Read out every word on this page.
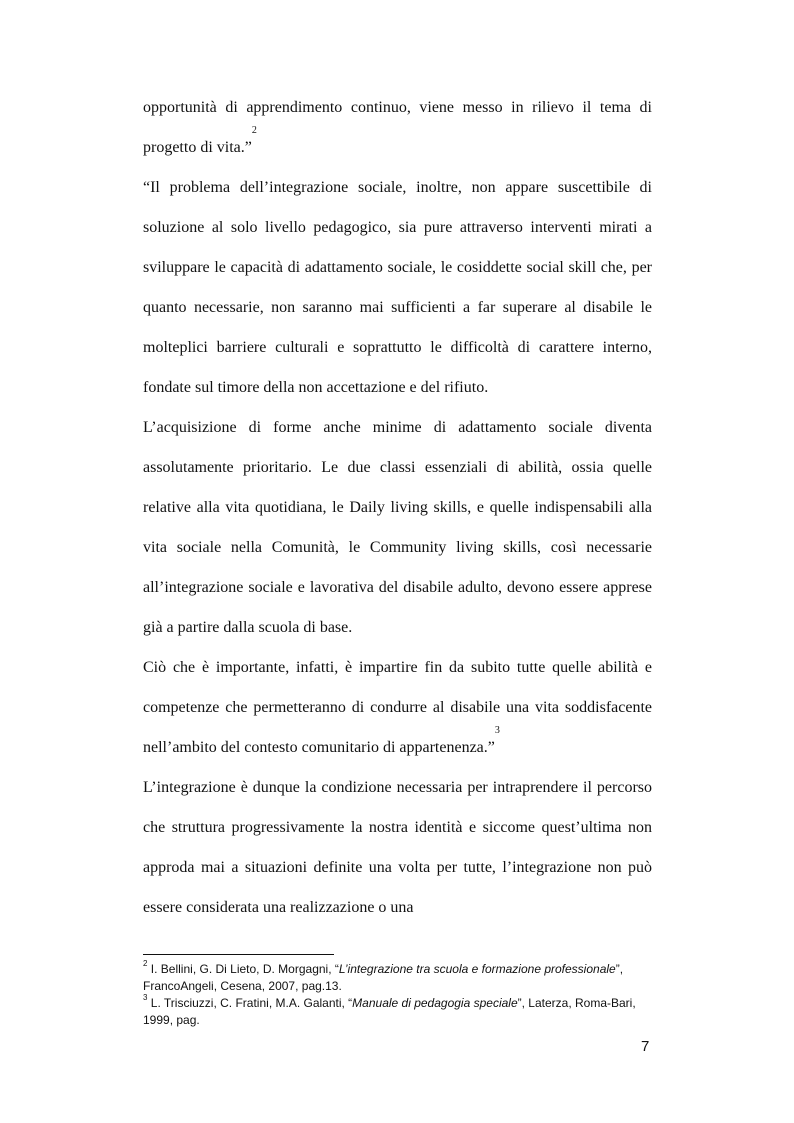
opportunità di apprendimento continuo, viene messo in rilievo il tema di progetto di vita.”$^2$

“Il problema dell’integrazione sociale, inoltre, non appare suscettibile di soluzione al solo livello pedagogico, sia pure attraverso interventi mirati a sviluppare le capacità di adattamento sociale, le cosiddette social skill che, per quanto necessarie, non saranno mai sufficienti a far superare al disabile le molteplici barriere culturali e soprattutto le difficoltà di carattere interno, fondate sul timore della non accettazione e del rifiuto.

L’acquisizione di forme anche minime di adattamento sociale diventa assolutamente prioritario. Le due classi essenziali di abilità, ossia quelle relative alla vita quotidiana, le Daily living skills, e quelle indispensabili alla vita sociale nella Comunità, le Community living skills, così necessarie all’integrazione sociale e lavorativa del disabile adulto, devono essere apprese già a partire dalla scuola di base.

Ciò che è importante, infatti, è impartire fin da subito tutte quelle abilità e competenze che permetteranno di condurre al disabile una vita soddisfacente nell’ambito del contesto comunitario di appartenenza.”$^3$

L’integrazione è dunque la condizione necessaria per intraprendere il percorso che struttura progressivamente la nostra identità e siccome quest’ultima non approda mai a situazioni definite una volta per tutte, l’integrazione non può essere considerata una realizzazione o una

$^2$ I. Bellini, G. Di Lieto, D. Morgagni, “L’integrazione tra scuola e formazione professionale”, FrancoAngeli, Cesena, 2007, pag.13.

$^3$ L. Trisciuzzi, C. Fratini, M.A. Galanti, “Manuale di pedagogia speciale”, Laterza, Roma-Bari, 1999, pag.

7
